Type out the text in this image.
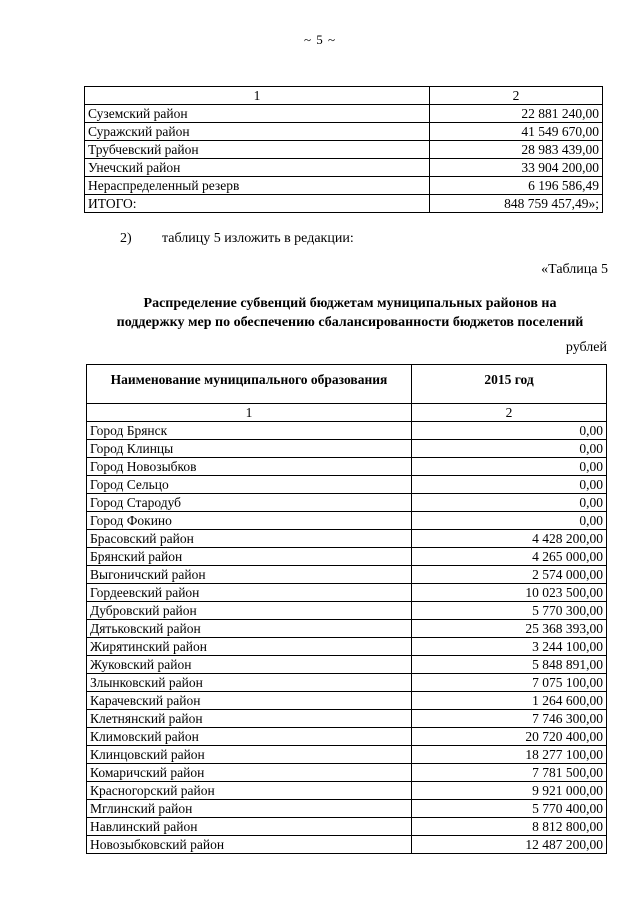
~ 5 ~
1	2
Суземский район	22 881 240,00
Суражский район	41 549 670,00
Трубчевский район	28 983 439,00
Унечский район	33 904 200,00
Нераспределенный резерв	6 196 586,49
ИТОГО:	848 759 457,49»;
2) таблицу 5 изложить в редакции:
«Таблица 5
Распределение субвенций бюджетам муниципальных районов на
поддержку мер по обеспечению сбалансированности бюджетов поселений
рублей
Наименование муниципального образования	2015 год
1	2
Город Брянск	0,00
Город Клинцы	0,00
Город Новозыбков	0,00
Город Сельцо	0,00
Город Стародуб	0,00
Город Фокино	0,00
Брасовский район	4 428 200,00
Брянский район	4 265 000,00
Выгоничский район	2 574 000,00
Гордеевский район	10 023 500,00
Дубровский район	5 770 300,00
Дятьковский район	25 368 393,00
Жирятинский район	3 244 100,00
Жуковский район	5 848 891,00
Злынковский район	7 075 100,00
Карачевский район	1 264 600,00
Клетнянский район	7 746 300,00
Климовский район	20 720 400,00
Клинцовский район	18 277 100,00
Комаричский район	7 781 500,00
Красногорский район	9 921 000,00
Мглинский район	5 770 400,00
Навлинский район	8 812 800,00
Новозыбковский район	12 487 200,00
